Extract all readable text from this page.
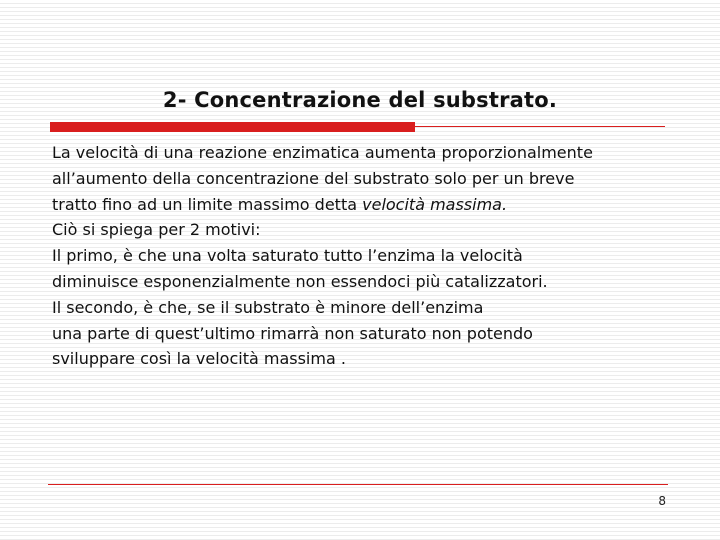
2- Concentrazione del substrato.
La velocità di una reazione enzimatica aumenta proporzionalmente
all’aumento della concentrazione del substrato solo per un breve
tratto fino ad un limite massimo detta velocità massima.
Ciò si spiega per 2 motivi:
Il primo, è che una volta saturato tutto l’enzima la velocità
diminuisce esponenzialmente non essendoci più catalizzatori.
Il secondo, è che, se il substrato è minore dell’enzima
una parte di quest’ultimo rimarrà non saturato non potendo
sviluppare così la velocità massima .
8
